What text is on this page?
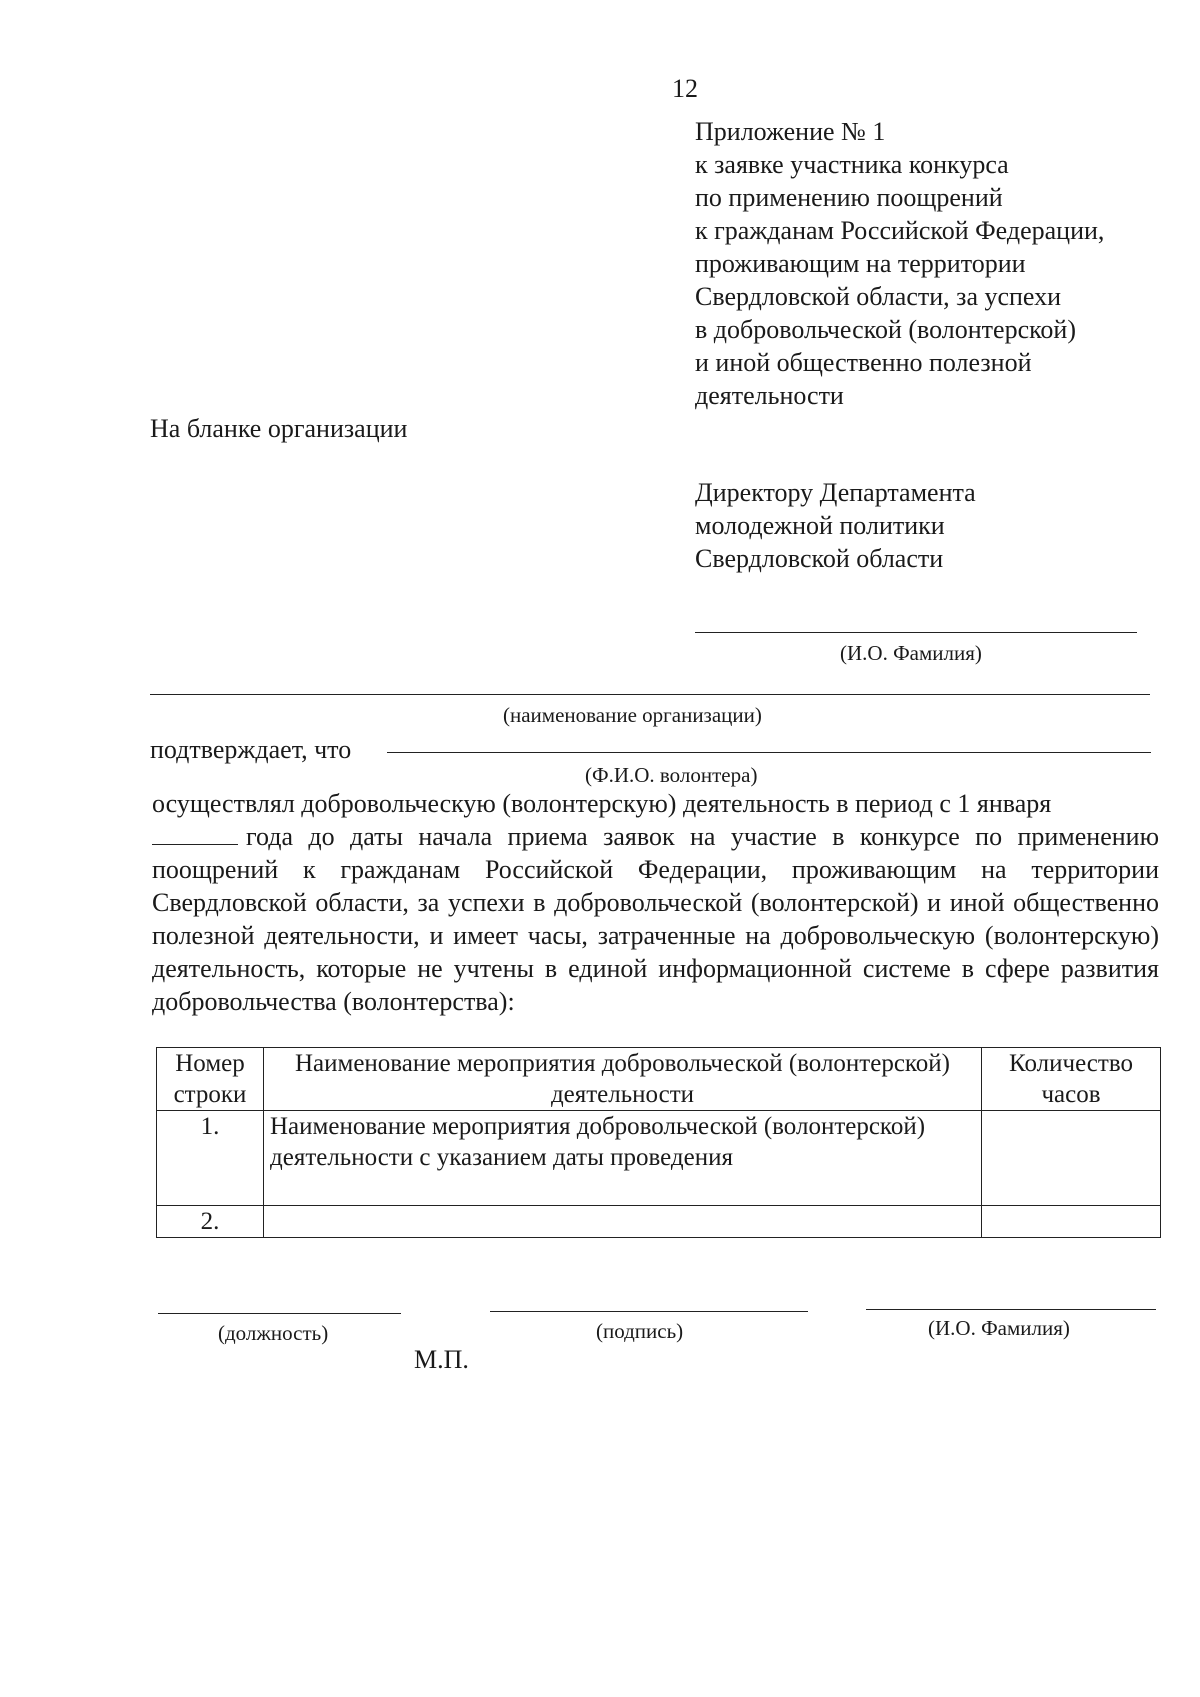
12
Приложение № 1
к заявке участника конкурса
по применению поощрений
к гражданам Российской Федерации,
проживающим на территории
Свердловской области, за успехи
в добровольческой (волонтерской)
и иной общественно полезной
деятельности
На бланке организации
Директору Департамента
молодежной политики
Свердловской области
(И.О. Фамилия)
(наименование организации)
подтверждает, что
(Ф.И.О. волонтера)
осуществлял добровольческую (волонтерскую) деятельность в период с 1 января
года до даты начала приема заявок на участие в конкурсе по применению поощрений к гражданам Российской Федерации, проживающим на территории Свердловской области, за успехи в добровольческой (волонтерской) и иной общественно полезной деятельности, и имеет часы, затраченные на добровольческую (волонтерскую) деятельность, которые не учтены в единой информационной системе в сфере развития добровольчества (волонтерства):
Номер строки	Наименование мероприятия добровольческой (волонтерской) деятельности	Количество часов
1.	Наименование мероприятия добровольческой (волонтерской) деятельности с указанием даты проведения	
2.		
(должность)	(подпись)	(И.О. Фамилия)
М.П.
